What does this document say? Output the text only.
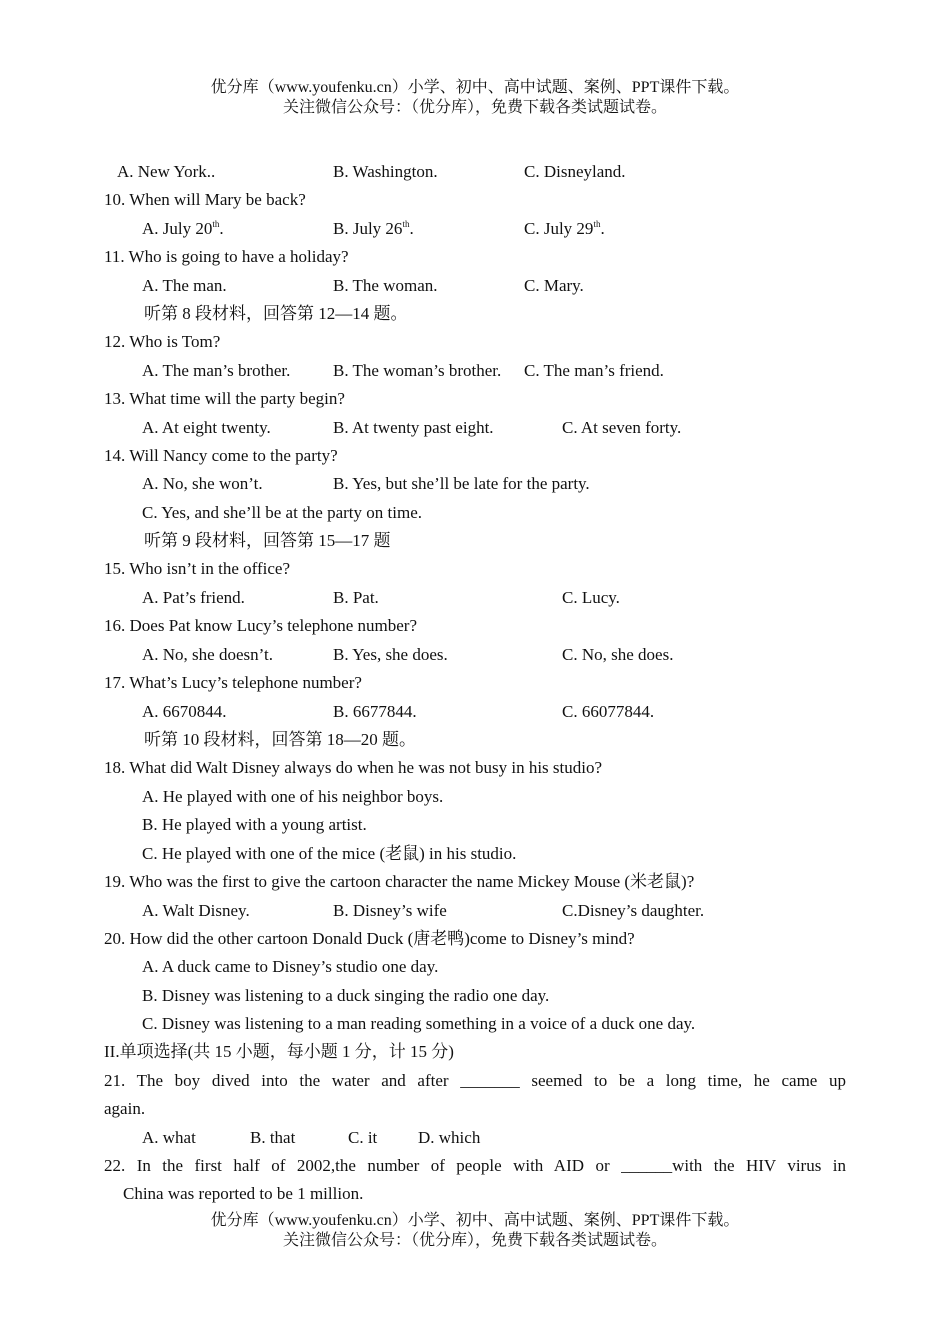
优分库（www.youfenku.cn）小学、初中、高中试题、案例、PPT课件下载。
关注微信公众号：（优分库），免费下载各类试题试卷。
A. New York..	B. Washington.	C. Disneyland.
10. When will Mary be back?
A. July 20th.	B. July 26th.	C. July 29th.
11. Who is going to have a holiday?
A. The man.	B. The woman.	C. Mary.
听第 8 段材料，回答第 12—14 题。
12. Who is Tom?
A. The man’s brother.	B. The woman’s brother. C. The man’s friend.
13. What time will the party begin?
A. At eight twenty.	B. At twenty past eight.	C. At seven forty.
14. Will Nancy come to the party?
A. No, she won’t.	B. Yes, but she’ll be late for the party.
C. Yes, and she’ll be at the party on time.
听第 9 段材料，回答第 15—17 题
15. Who isn’t in the office?
A. Pat’s friend.	B. Pat.	C. Lucy.
16. Does Pat know Lucy’s telephone number?
A. No, she doesn’t.	B. Yes, she does.	C. No, she does.
17. What’s Lucy’s telephone number?
A. 6670844.	B. 6677844.	C. 66077844.
听第 10 段材料，回答第 18—20 题。
18. What did Walt Disney always do when he was not busy in his studio?
A. He played with one of his neighbor boys.
B. He played with a young artist.
C. He played with one of the mice (老鼠) in his studio.
19. Who was the first to give the cartoon character the name Mickey Mouse (米老鼠)?
A. Walt Disney.	B. Disney’s wife	C.Disney’s daughter.
20. How did the other cartoon Donald Duck (唐老鸭)come to Disney’s mind?
A. A duck came to Disney’s studio one day.
B. Disney was listening to a duck singing the radio one day.
C. Disney was listening to a man reading something in a voice of a duck one day.
II.单项选择(共 15 小题，每小题 1 分，计 15 分)
21. The boy dived into the water and after _______ seemed to be a long time, he came up
again.
A. what	B. that	C. it D. which
22. In the first half of 2002,the number of people with AID or ______with the HIV virus in
China was reported to be 1 million.
优分库（www.youfenku.cn）小学、初中、高中试题、案例、PPT课件下载。
关注微信公众号：（优分库），免费下载各类试题试卷。
